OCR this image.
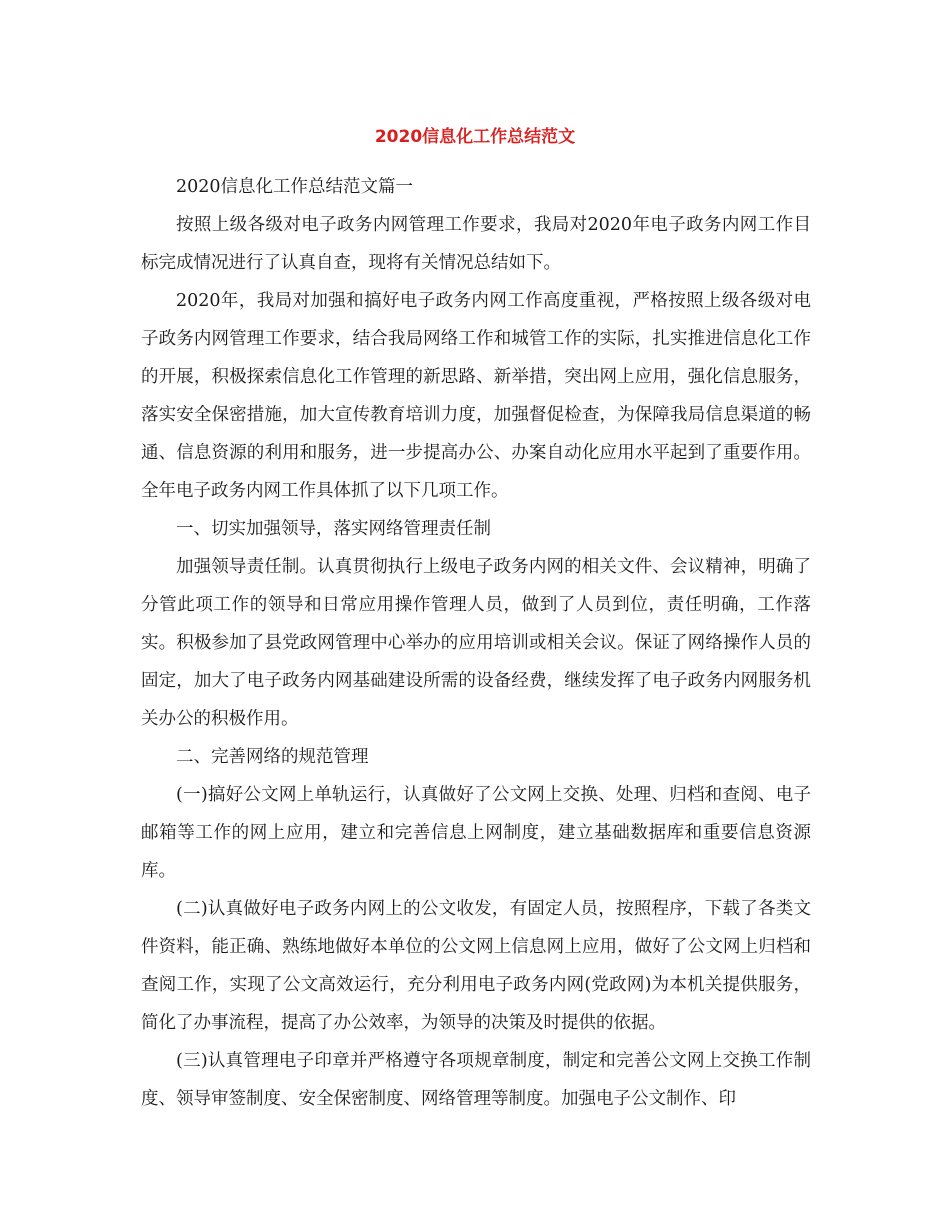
2020信息化工作总结范文

2020信息化工作总结范文篇一

按照上级各级对电子政务内网管理工作要求，我局对2020年电子政务内网工作目标完成情况进行了认真自查，现将有关情况总结如下。

2020年，我局对加强和搞好电子政务内网工作高度重视，严格按照上级各级对电子政务内网管理工作要求，结合我局网络工作和城管工作的实际，扎实推进信息化工作的开展，积极探索信息化工作管理的新思路、新举措，突出网上应用，强化信息服务，落实安全保密措施，加大宣传教育培训力度，加强督促检查，为保障我局信息渠道的畅通、信息资源的利用和服务，进一步提高办公、办案自动化应用水平起到了重要作用。全年电子政务内网工作具体抓了以下几项工作。

一、切实加强领导，落实网络管理责任制

加强领导责任制。认真贯彻执行上级电子政务内网的相关文件、会议精神，明确了分管此项工作的领导和日常应用操作管理人员，做到了人员到位，责任明确，工作落实。积极参加了县党政网管理中心举办的应用培训或相关会议。保证了网络操作人员的固定，加大了电子政务内网基础建设所需的设备经费，继续发挥了电子政务内网服务机关办公的积极作用。

二、完善网络的规范管理

(一)搞好公文网上单轨运行，认真做好了公文网上交换、处理、归档和查阅、电子邮箱等工作的网上应用，建立和完善信息上网制度，建立基础数据库和重要信息资源库。

(二)认真做好电子政务内网上的公文收发，有固定人员，按照程序，下载了各类文件资料，能正确、熟练地做好本单位的公文网上信息网上应用，做好了公文网上归档和查阅工作，实现了公文高效运行，充分利用电子政务内网(党政网)为本机关提供服务，简化了办事流程，提高了办公效率，为领导的决策及时提供的依据。

(三)认真管理电子印章并严格遵守各项规章制度，制定和完善公文网上交换工作制度、领导审签制度、安全保密制度、网络管理等制度。加强电子公文制作、印
